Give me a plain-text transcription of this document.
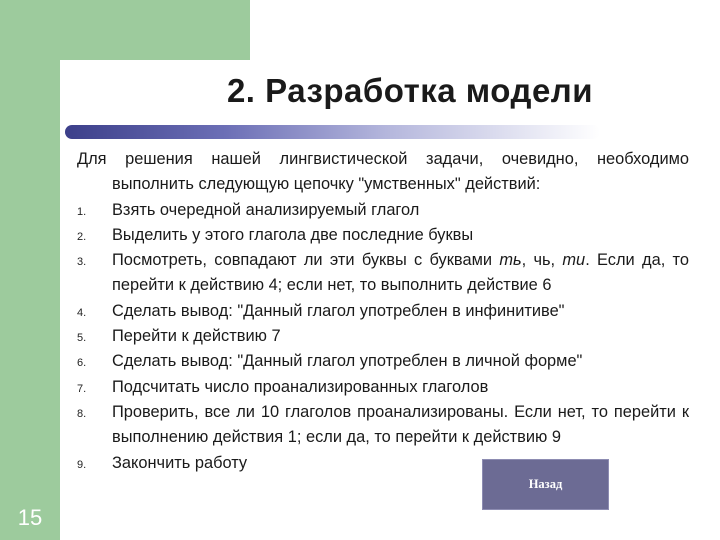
2. Разработка модели
Для решения нашей лингвистической задачи, очевидно, необходимо выполнить следующую цепочку "умственных" действий:
1. Взять очередной анализируемый глагол
2. Выделить у этого глагола две последние буквы
3. Посмотреть, совпадают ли эти буквы с буквами ть, чь, ти. Если да, то перейти к действию 4; если нет, то выполнить действие 6
4. Сделать вывод: "Данный глагол употреблен в инфинитиве"
5. Перейти к действию 7
6. Сделать вывод: "Данный глагол употреблен в личной форме"
7. Подсчитать число проанализированных глаголов
8. Проверить, все ли 10 глаголов проанализированы. Если нет, то перейти к выполнению действия 1; если да, то перейти к действию 9
9. Закончить работу
Назад
15
